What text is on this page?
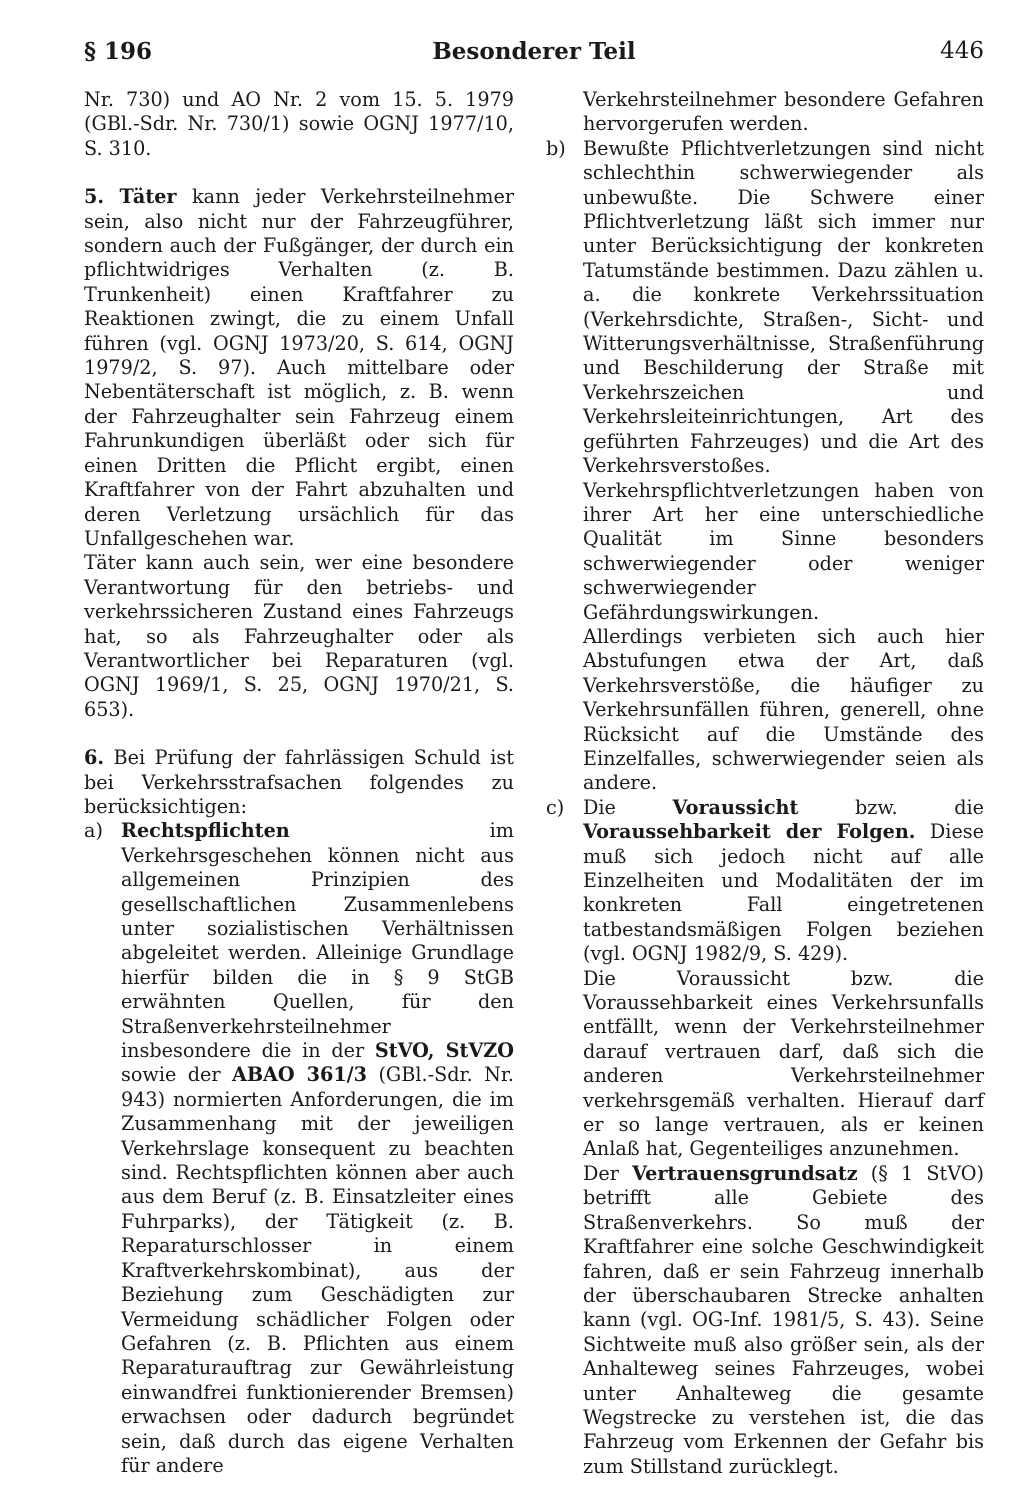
§ 196	Besonderer Teil	446

Nr. 730) und AO Nr. 2 vom 15. 5. 1979 (GBl.-Sdr. Nr. 730/1) sowie OGNJ 1977/10, S. 310.

5. Täter kann jeder Verkehrsteilnehmer sein, also nicht nur der Fahrzeugführer, sondern auch der Fußgänger, der durch ein pflichtwidriges Verhalten (z. B. Trunkenheit) einen Kraftfahrer zu Reaktionen zwingt, die zu einem Unfall führen (vgl. OGNJ 1973/20, S. 614, OGNJ 1979/2, S. 97). Auch mittelbare oder Nebentäterschaft ist möglich, z. B. wenn der Fahrzeughalter sein Fahrzeug einem Fahrunkundigen überläßt oder sich für einen Dritten die Pflicht ergibt, einen Kraftfahrer von der Fahrt abzuhalten und deren Verletzung ursächlich für das Unfallgeschehen war.

Täter kann auch sein, wer eine besondere Verantwortung für den betriebs- und verkehrssicheren Zustand eines Fahrzeugs hat, so als Fahrzeughalter oder als Verantwortlicher bei Reparaturen (vgl. OGNJ 1969/1, S. 25, OGNJ 1970/21, S. 653).

6. Bei Prüfung der fahrlässigen Schuld ist bei Verkehrsstrafsachen folgendes zu berücksichtigen:

a) Rechtspflichten im Verkehrsgeschehen können nicht aus allgemeinen Prinzipien des gesellschaftlichen Zusammenlebens unter sozialistischen Verhältnissen abgeleitet werden. Alleinige Grundlage hierfür bilden die in § 9 StGB erwähnten Quellen, für den Straßenverkehrsteilnehmer insbesondere die in der StVO, StVZO sowie der ABAO 361/3 (GBl.-Sdr. Nr. 943) normierten Anforderungen, die im Zusammenhang mit der jeweiligen Verkehrslage konsequent zu beachten sind. Rechtspflichten können aber auch aus dem Beruf (z. B. Einsatzleiter eines Fuhrparks), der Tätigkeit (z. B. Reparaturschlosser in einem Kraftverkehrskombinat), aus der Beziehung zum Geschädigten zur Vermeidung schädlicher Folgen oder Gefahren (z. B. Pflichten aus einem Reparaturauftrag zur Gewährleistung einwandfrei funktionierender Bremsen) erwachsen oder dadurch begründet sein, daß durch das eigene Verhalten für andere

Verkehrsteilnehmer besondere Gefahren hervorgerufen werden.

b) Bewußte Pflichtverletzungen sind nicht schlechthin schwerwiegender als unbewußte. Die Schwere einer Pflichtverletzung läßt sich immer nur unter Berücksichtigung der konkreten Tatumstände bestimmen. Dazu zählen u. a. die konkrete Verkehrssituation (Verkehrsdichte, Straßen-, Sicht- und Witterungsverhältnisse, Straßenführung und Beschilderung der Straße mit Verkehrszeichen und Verkehrsleiteinrichtungen, Art des geführten Fahrzeuges) und die Art des Verkehrsverstoßes.

Verkehrspflichtverletzungen haben von ihrer Art her eine unterschiedliche Qualität im Sinne besonders schwerwiegender oder weniger schwerwiegender Gefährdungswirkungen.

Allerdings verbieten sich auch hier Abstufungen etwa der Art, daß Verkehrsverstöße, die häufiger zu Verkehrsunfällen führen, generell, ohne Rücksicht auf die Umstände des Einzelfalles, schwerwiegender seien als andere.

c) Die Voraussicht bzw. die Voraussehbarkeit der Folgen. Diese muß sich jedoch nicht auf alle Einzelheiten und Modalitäten der im konkreten Fall eingetretenen tatbestandsmäßigen Folgen beziehen (vgl. OGNJ 1982/9, S. 429).

Die Voraussicht bzw. die Voraussehbarkeit eines Verkehrsunfalls entfällt, wenn der Verkehrsteilnehmer darauf vertrauen darf, daß sich die anderen Verkehrsteilnehmer verkehrsgemäß verhalten. Hierauf darf er so lange vertrauen, als er keinen Anlaß hat, Gegenteiliges anzunehmen.

Der Vertrauensgrundsatz (§ 1 StVO) betrifft alle Gebiete des Straßenverkehrs. So muß der Kraftfahrer eine solche Geschwindigkeit fahren, daß er sein Fahrzeug innerhalb der überschaubaren Strecke anhalten kann (vgl. OG-Inf. 1981/5, S. 43). Seine Sichtweite muß also größer sein, als der Anhalteweg seines Fahrzeuges, wobei unter Anhalteweg die gesamte Wegstrecke zu verstehen ist, die das Fahrzeug vom Erkennen der Gefahr bis zum Stillstand zurücklegt.
